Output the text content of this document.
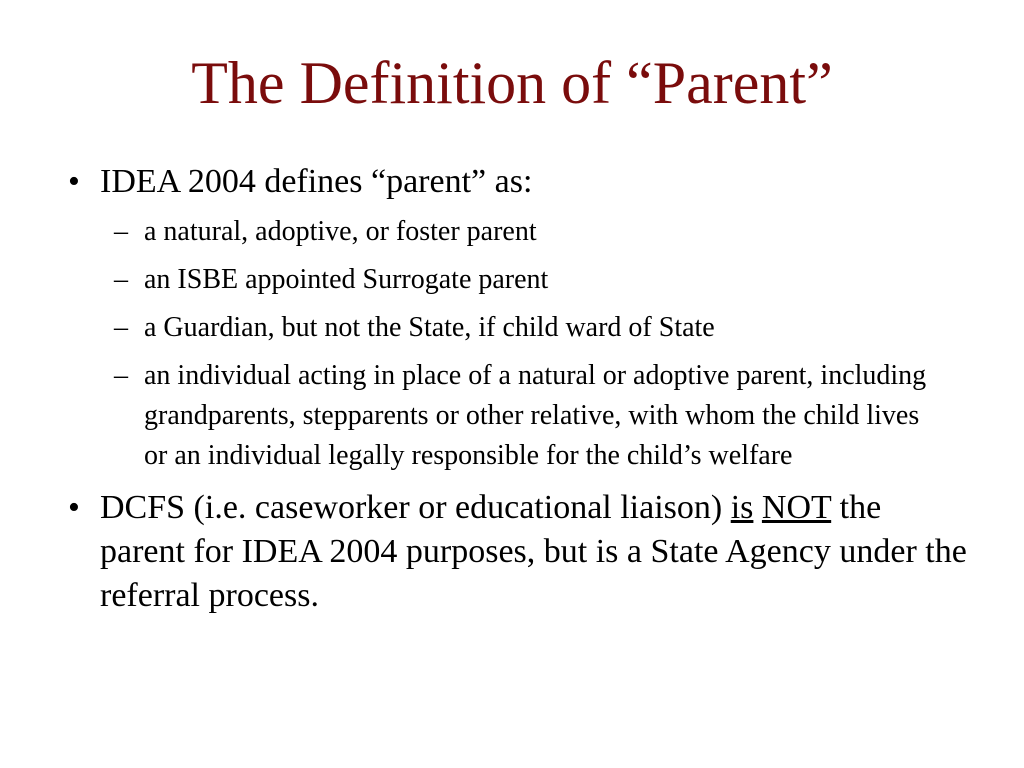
The Definition of “Parent”
• IDEA 2004 defines “parent” as:
– a natural, adoptive, or foster parent
– an ISBE appointed Surrogate parent
– a Guardian, but not the State, if child ward of State
– an individual acting in place of a natural or adoptive parent, including grandparents, stepparents or other relative, with whom the child lives or an individual legally responsible for the child’s welfare
• DCFS (i.e. caseworker or educational liaison) is NOT the parent for IDEA 2004 purposes, but is a State Agency under the referral process.
